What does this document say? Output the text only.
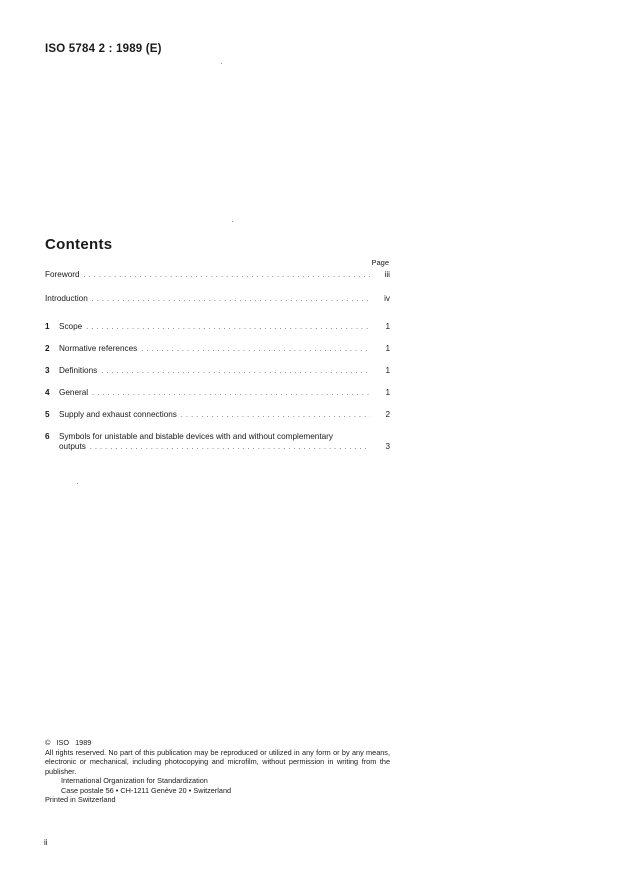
ISO 5784 2 : 1989 (E)
Contents
Page
Foreword . . .	iii
Introduction . . .	iv
1	Scope . . .	1
2	Normative references . . .	1
3	Definitions . . .	1
4	General . . .	1
5	Supply and exhaust connections . . .	2
6	Symbols for unistable and bistable devices with and without complementary
outputs . . .	3
©   ISO   1989
All rights reserved. No part of this publication may be reproduced or utilized in any form or by any means, electronic or mechanical, including photocopying and microfilm, without permission in writing from the publisher.
International Organization for Standardization
Case postale 56 • CH-1211 Genève 20 • Switzerland
Printed in Switzerland
ii
